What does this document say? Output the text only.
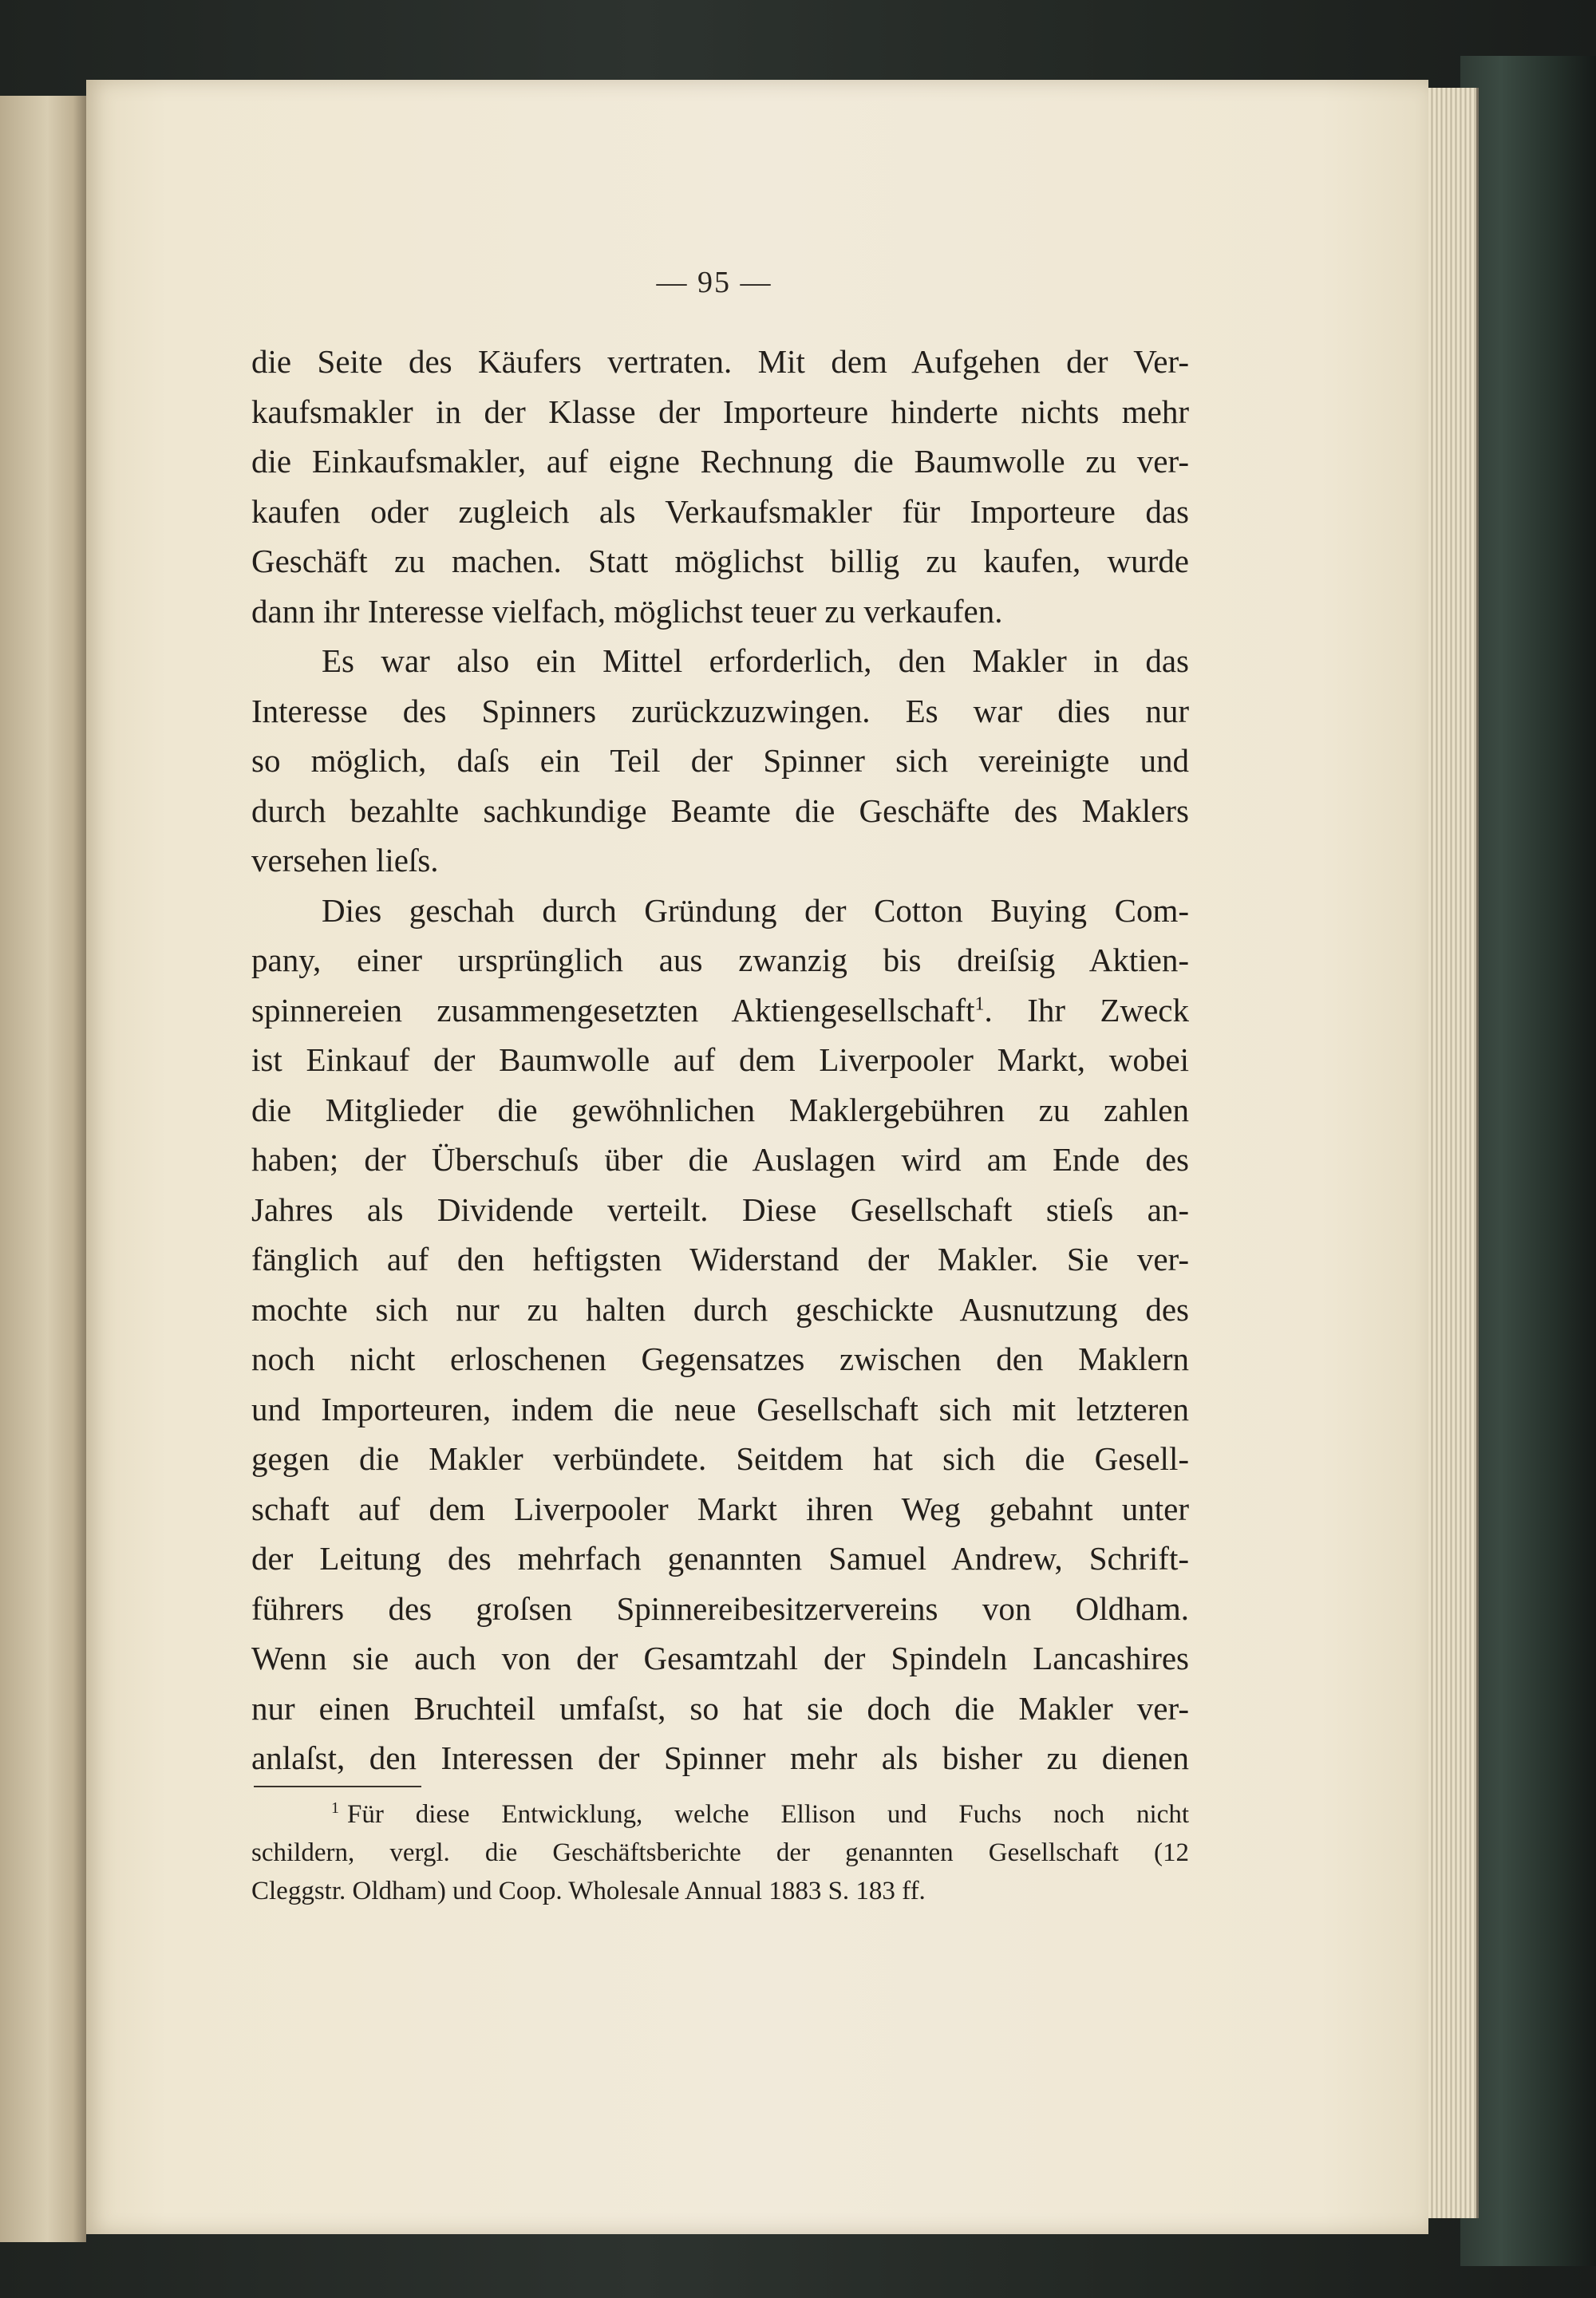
— 95 —
die Seite des Käufers vertraten. Mit dem Aufgehen der Ver-
kaufsmakler in der Klasse der Importeure hinderte nichts mehr
die Einkaufsmakler, auf eigne Rechnung die Baumwolle zu ver-
kaufen oder zugleich als Verkaufsmakler für Importeure das
Geschäft zu machen. Statt möglichst billig zu kaufen, wurde
dann ihr Interesse vielfach, möglichst teuer zu verkaufen.
Es war also ein Mittel erforderlich, den Makler in das
Interesse des Spinners zurückzuzwingen. Es war dies nur
so möglich, daſs ein Teil der Spinner sich vereinigte und
durch bezahlte sachkundige Beamte die Geschäfte des Maklers
versehen lieſs.
Dies geschah durch Gründung der Cotton Buying Com-
pany, einer ursprünglich aus zwanzig bis dreiſsig Aktien-
spinnereien zusammengesetzten Aktiengesellschaft$^1$. Ihr Zweck
ist Einkauf der Baumwolle auf dem Liverpooler Markt, wobei
die Mitglieder die gewöhnlichen Maklergebühren zu zahlen
haben; der Überschuſs über die Auslagen wird am Ende des
Jahres als Dividende verteilt. Diese Gesellschaft stieſs an-
fänglich auf den heftigsten Widerstand der Makler. Sie ver-
mochte sich nur zu halten durch geschickte Ausnutzung des
noch nicht erloschenen Gegensatzes zwischen den Maklern
und Importeuren, indem die neue Gesellschaft sich mit letzteren
gegen die Makler verbündete. Seitdem hat sich die Gesell-
schaft auf dem Liverpooler Markt ihren Weg gebahnt unter
der Leitung des mehrfach genannten Samuel Andrew, Schrift-
führers des groſsen Spinnereibesitzervereins von Oldham.
Wenn sie auch von der Gesamtzahl der Spindeln Lancashires
nur einen Bruchteil umfaſst, so hat sie doch die Makler ver-
anlaſst, den Interessen der Spinner mehr als bisher zu dienen
$^1$ Für diese Entwicklung, welche Ellison und Fuchs noch nicht
schildern, vergl. die Geschäftsberichte der genannten Gesellschaft (12
Cleggstr. Oldham) und Coop. Wholesale Annual 1883 S. 183 ff.
